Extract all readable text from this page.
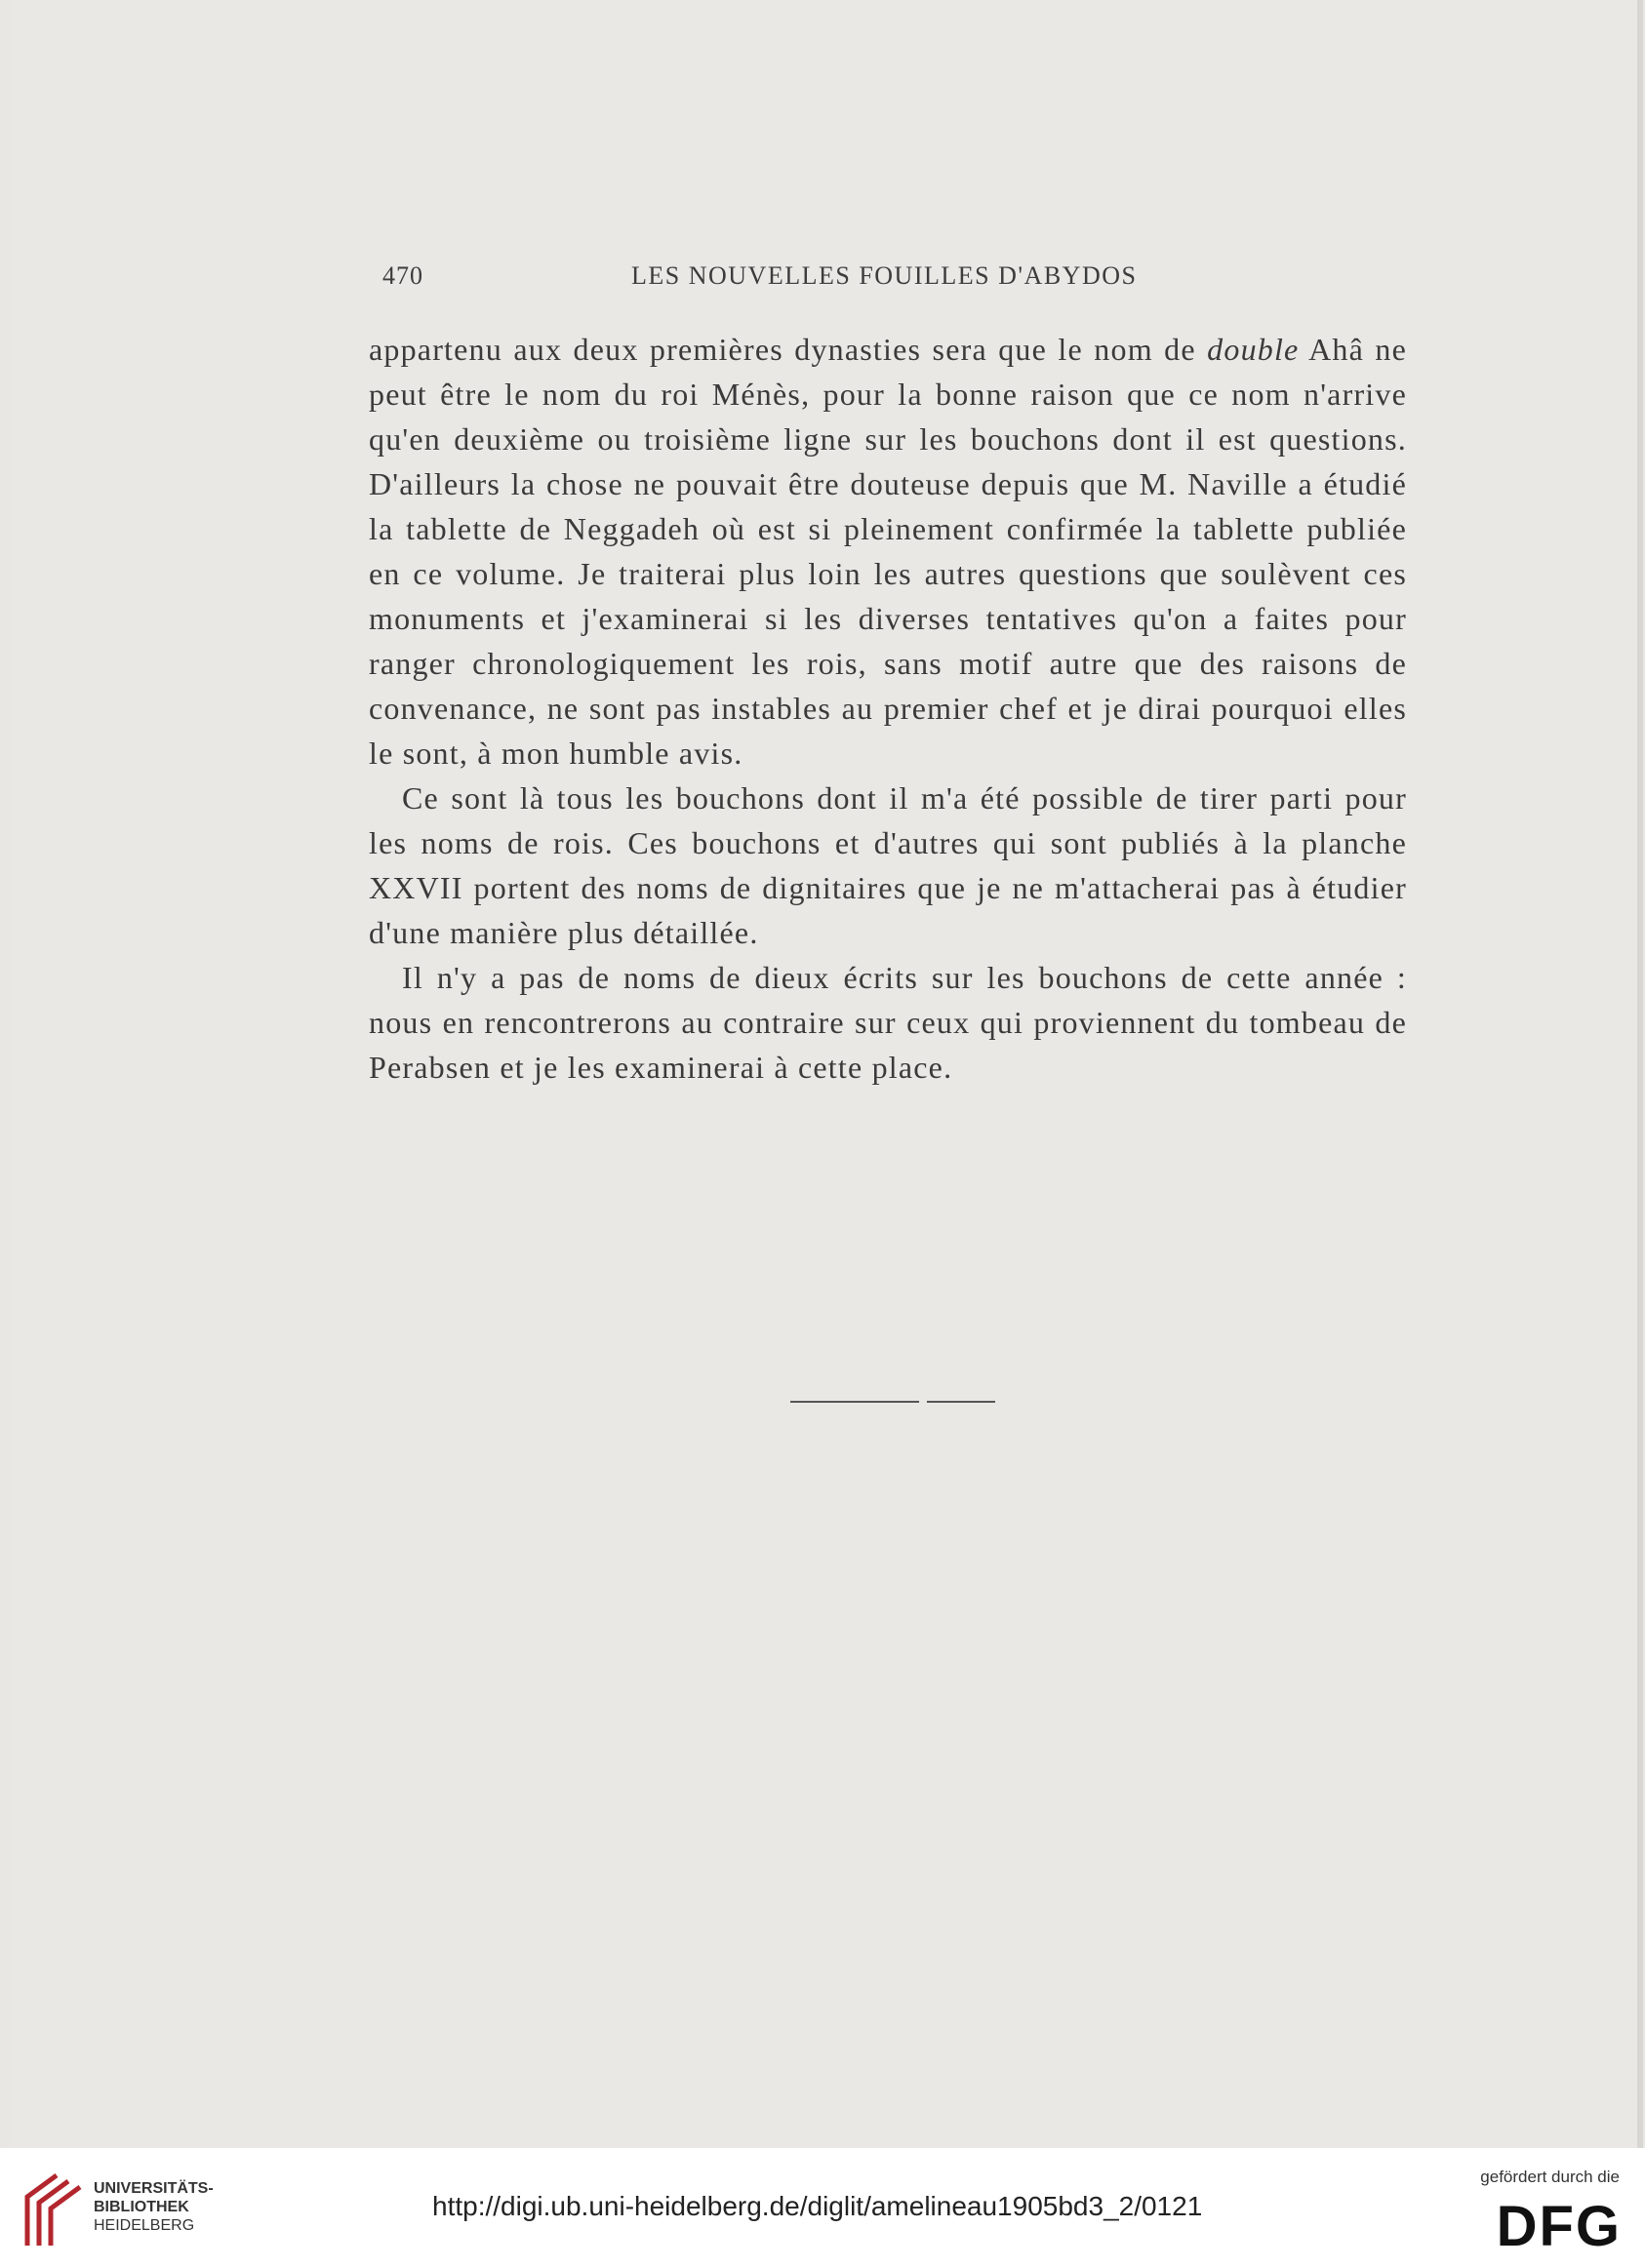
470	LES NOUVELLES FOUILLES D'ABYDOS

appartenu aux deux premières dynasties sera que le nom de double Ahâ ne peut être le nom du roi Ménès, pour la bonne raison que ce nom n'arrive qu'en deuxième ou troisième ligne sur les bouchons dont il est questions. D'ailleurs la chose ne pouvait être douteuse depuis que M. Naville a étudié la tablette de Neggadeh où est si pleinement confirmée la tablette publiée en ce volume. Je traiterai plus loin les autres questions que soulèvent ces monuments et j'examinerai si les diverses tentatives qu'on a faites pour ranger chronologiquement les rois, sans motif autre que des raisons de convenance, ne sont pas instables au premier chef et je dirai pourquoi elles le sont, à mon humble avis.

Ce sont là tous les bouchons dont il m'a été possible de tirer parti pour les noms de rois. Ces bouchons et d'autres qui sont publiés à la planche XXVII portent des noms de dignitaires que je ne m'attacherai pas à étudier d'une manière plus détaillée.

Il n'y a pas de noms de dieux écrits sur les bouchons de cette année : nous en rencontrerons au contraire sur ceux qui proviennent du tombeau de Perabsen et je les examinerai à cette place.

UNIVERSITÄTS-
BIBLIOTHEK
HEIDELBERG
http://digi.ub.uni-heidelberg.de/diglit/amelineau1905bd3_2/0121
gefördert durch die
DFG
